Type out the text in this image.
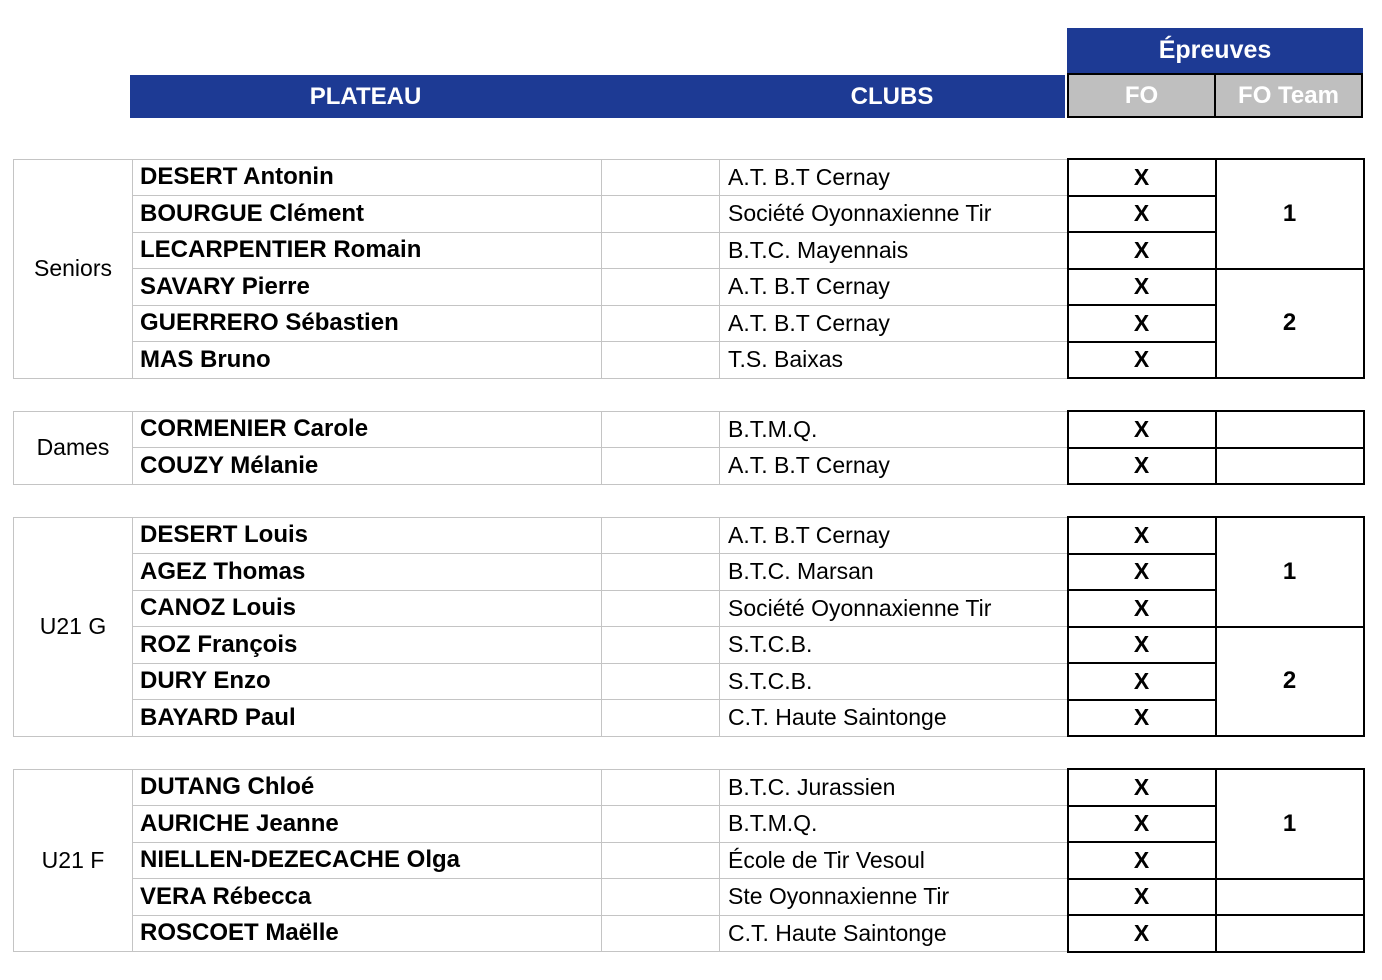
Épreuves
PLATEAU	CLUBS	FO	FO Team
Seniors	DESERT Antonin		A.T. B.T Cernay	X	1
	BOURGUE Clément		Société Oyonnaxienne Tir	X	
	LECARPENTIER Romain		B.T.C. Mayennais	X	
	SAVARY Pierre		A.T. B.T Cernay	X	2
	GUERRERO Sébastien		A.T. B.T Cernay	X	
	MAS Bruno		T.S. Baixas	X	
Dames	CORMENIER Carole		B.T.M.Q.	X	
	COUZY Mélanie		A.T. B.T Cernay	X	
U21 G	DESERT Louis		A.T. B.T Cernay	X	1
	AGEZ Thomas		B.T.C. Marsan	X	
	CANOZ Louis		Société Oyonnaxienne Tir	X	
	ROZ François		S.T.C.B.	X	2
	DURY Enzo		S.T.C.B.	X	
	BAYARD Paul		C.T. Haute Saintonge	X	
U21 F	DUTANG Chloé		B.T.C. Jurassien	X	1
	AURICHE Jeanne		B.T.M.Q.	X	
	NIELLEN-DEZECACHE Olga		École de Tir Vesoul	X	
	VERA Rébecca		Ste Oyonnaxienne Tir	X	
	ROSCOET Maëlle		C.T. Haute Saintonge	X	
